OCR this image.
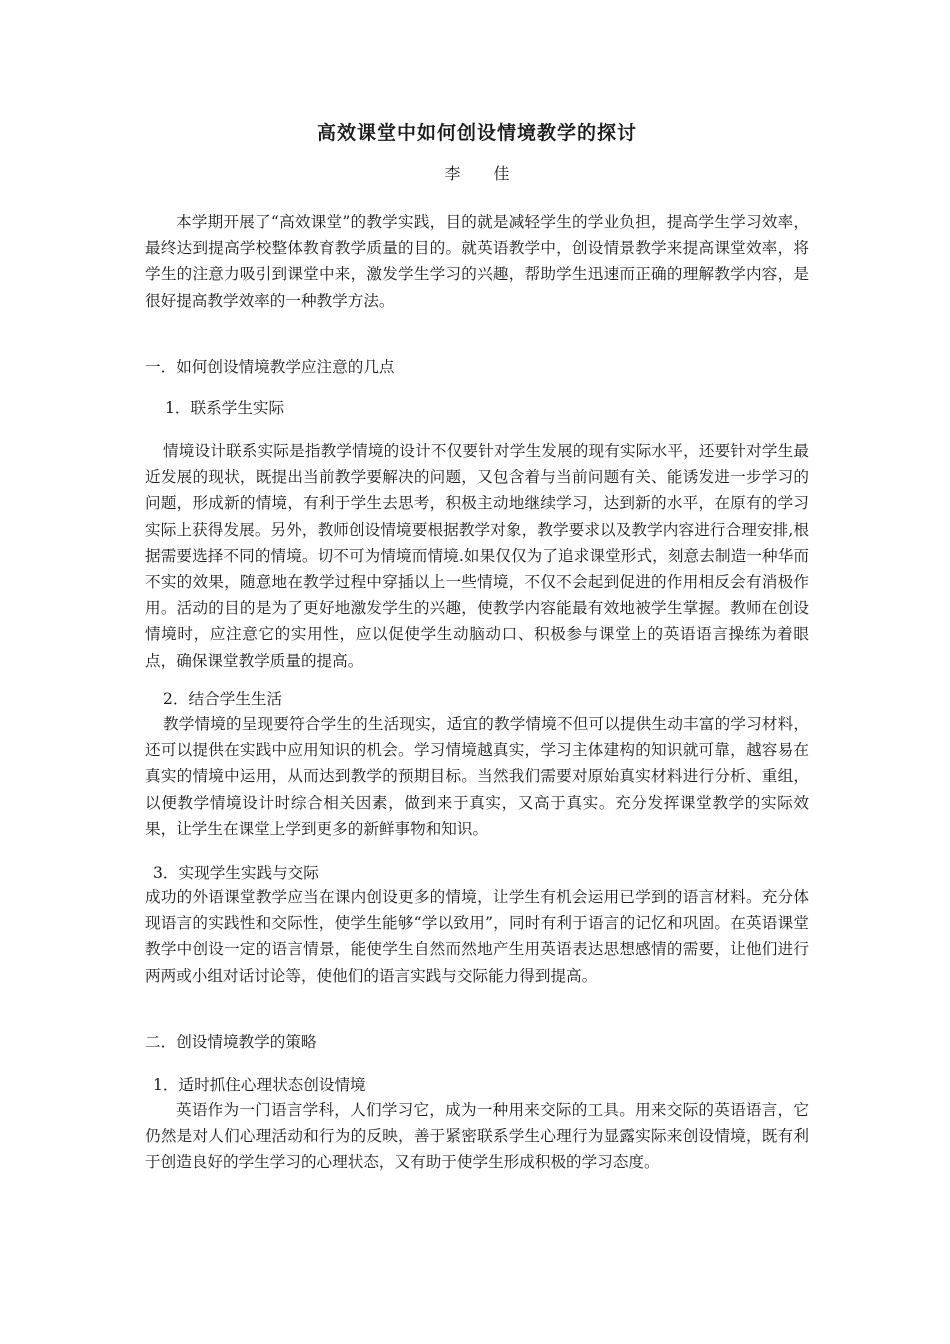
高效课堂中如何创设情境教学的探讨
李 佳

本学期开展了“高效课堂”的教学实践，目的就是减轻学生的学业负担，提高学生学习效率，最终达到提高学校整体教育教学质量的目的。就英语教学中，创设情景教学来提高课堂效率，将学生的注意力吸引到课堂中来，激发学生学习的兴趣，帮助学生迅速而正确的理解教学内容，是很好提高教学效率的一种教学方法。

一．如何创设情境教学应注意的几点

1．联系学生实际

情境设计联系实际是指教学情境的设计不仅要针对学生发展的现有实际水平，还要针对学生最近发展的现状，既提出当前教学要解决的问题，又包含着与当前问题有关、能诱发进一步学习的问题，形成新的情境，有利于学生去思考，积极主动地继续学习，达到新的水平，在原有的学习实际上获得发展。另外，教师创设情境要根据教学对象，教学要求以及教学内容进行合理安排,根据需要选择不同的情境。切不可为情境而情境.如果仅仅为了追求课堂形式，刻意去制造一种华而不实的效果，随意地在教学过程中穿插以上一些情境，不仅不会起到促进的作用相反会有消极作用。活动的目的是为了更好地激发学生的兴趣，使教学内容能最有效地被学生掌握。教师在创设情境时，应注意它的实用性，应以促使学生动脑动口、积极参与课堂上的英语语言操练为着眼点，确保课堂教学质量的提高。

2．结合学生生活

教学情境的呈现要符合学生的生活现实，适宜的教学情境不但可以提供生动丰富的学习材料，还可以提供在实践中应用知识的机会。学习情境越真实，学习主体建构的知识就可靠，越容易在真实的情境中运用，从而达到教学的预期目标。当然我们需要对原始真实材料进行分析、重组，以便教学情境设计时综合相关因素，做到来于真实，又高于真实。充分发挥课堂教学的实际效果，让学生在课堂上学到更多的新鲜事物和知识。

3．实现学生实践与交际

成功的外语课堂教学应当在课内创设更多的情境，让学生有机会运用已学到的语言材料。充分体现语言的实践性和交际性，使学生能够“学以致用”，同时有利于语言的记忆和巩固。在英语课堂教学中创设一定的语言情景，能使学生自然而然地产生用英语表达思想感情的需要，让他们进行两两或小组对话讨论等，使他们的语言实践与交际能力得到提高。

二．创设情境教学的策略

1．适时抓住心理状态创设情境

英语作为一门语言学科，人们学习它，成为一种用来交际的工具。用来交际的英语语言，它仍然是对人们心理活动和行为的反映，善于紧密联系学生心理行为显露实际来创设情境，既有利于创造良好的学生学习的心理状态，又有助于使学生形成积极的学习态度。
